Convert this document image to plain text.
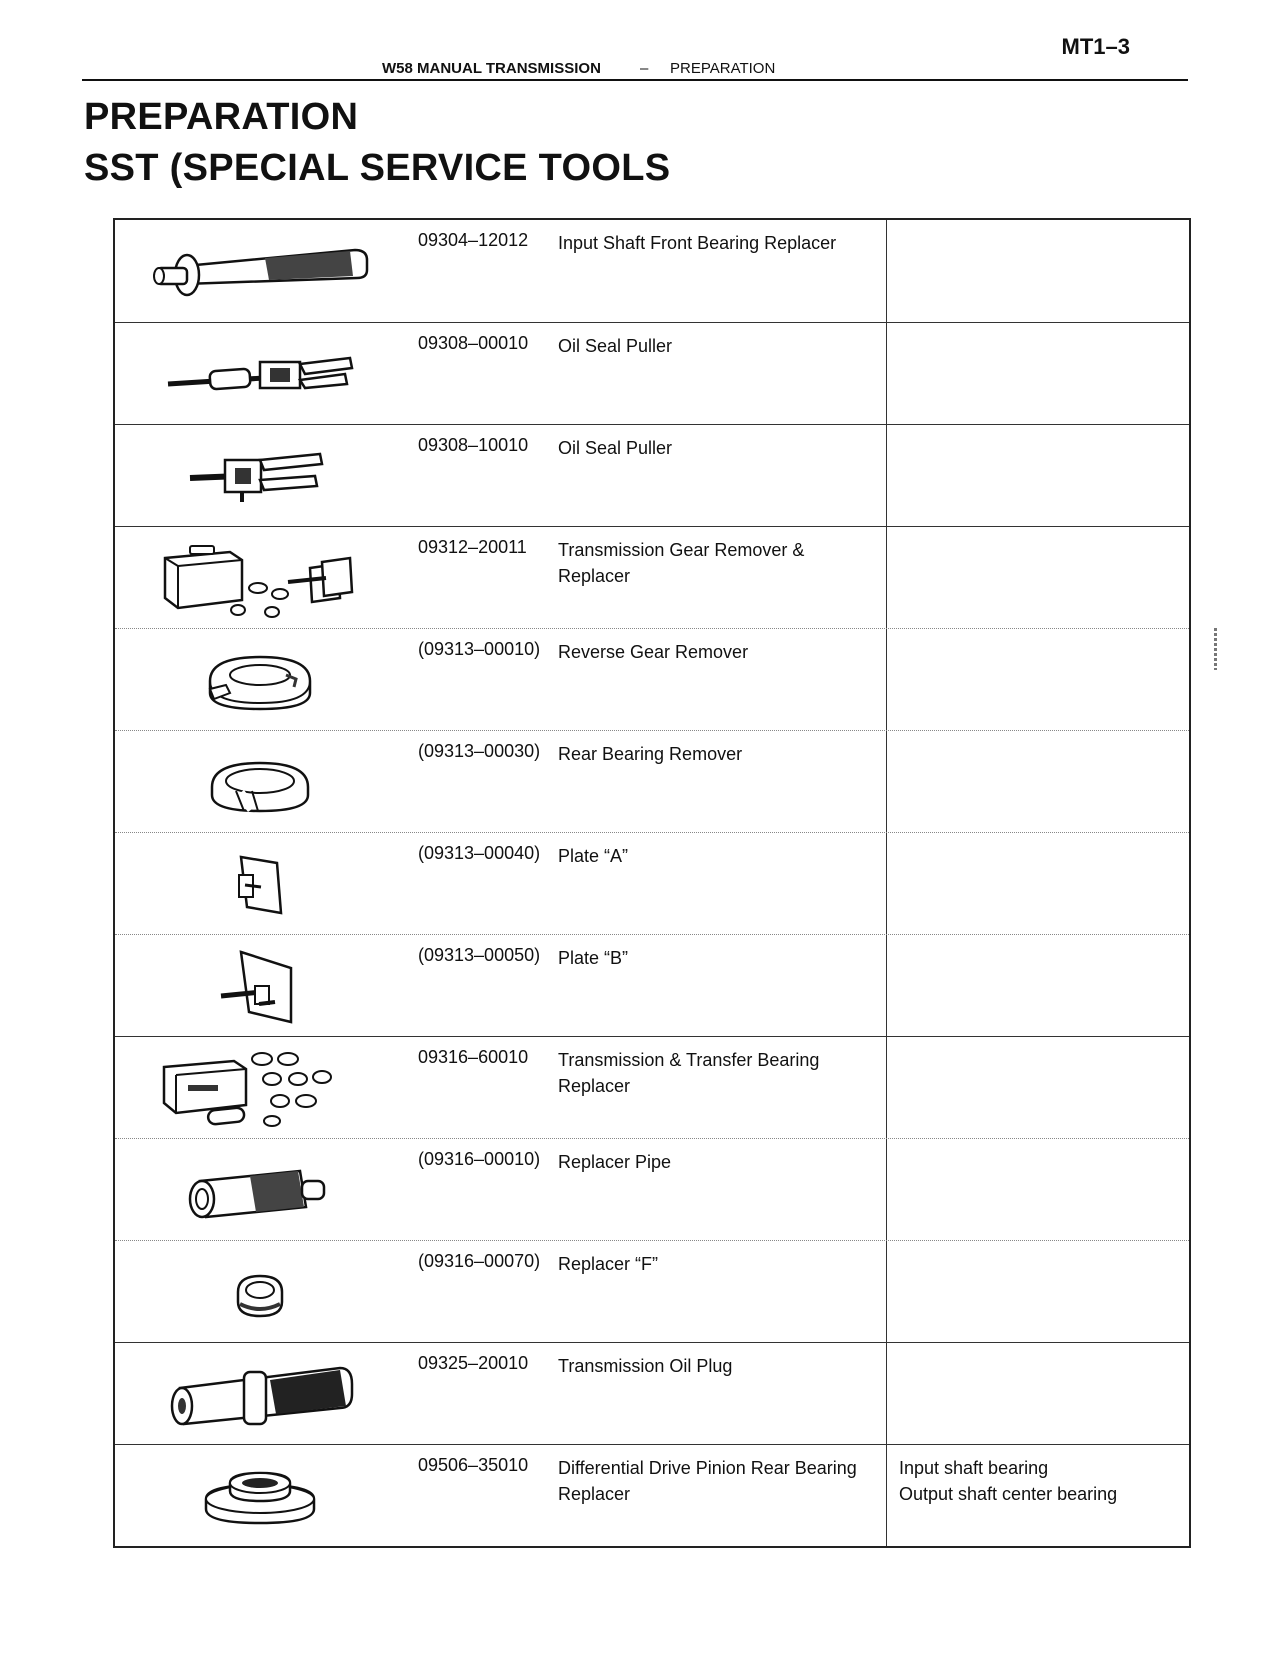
MT1–3
W58 MANUAL TRANSMISSION	– PREPARATION
PREPARATION
SST (SPECIAL SERVICE TOOLS
09304–12012 Input Shaft Front Bearing Replacer
09308–00010 Oil Seal Puller
09308–10010 Oil Seal Puller
09312–20011 Transmission Gear Remover & Replacer
(09313–00010) Reverse Gear Remover
(09313–00030) Rear Bearing Remover
(09313–00040) Plate “A”
(09313–00050) Plate “B”
09316–60010 Transmission & Transfer Bearing Replacer
(09316–00010) Replacer Pipe
(09316–00070) Replacer “F”
09325–20010 Transmission Oil Plug
09506–35010 Differential Drive Pinion Rear Bearing Replacer
Input shaft bearing
Output shaft center bearing
